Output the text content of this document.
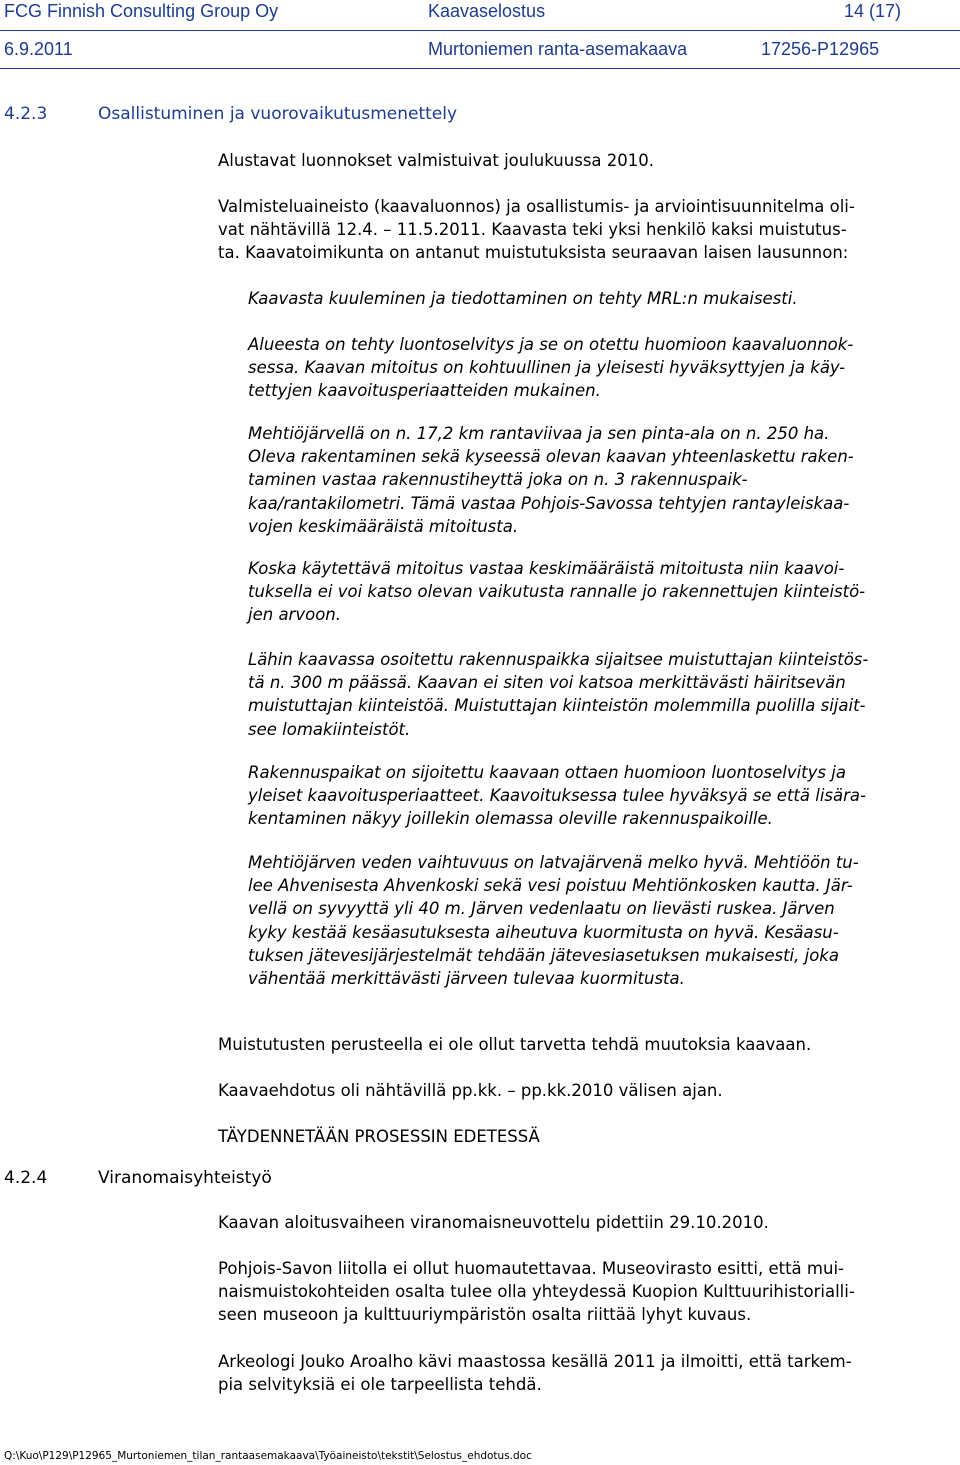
FCG Finnish Consulting Group Oy	Kaavaselostus	14 (17)
6.9.2011	Murtoniemen ranta-asemakaava	17256-P12965
4.2.3	Osallistuminen ja vuorovaikutusmenettely
Alustavat luonnokset valmistuivat joulukuussa 2010.
Valmisteluaineisto (kaavaluonnos) ja osallistumis- ja arviointisuunnitelma oli-
vat nähtävillä 12.4. – 11.5.2011. Kaavasta teki yksi henkilö kaksi muistutus-
ta. Kaavatoimikunta on antanut muistutuksista seuraavan laisen lausunnon:
Kaavasta kuuleminen ja tiedottaminen on tehty MRL:n mukaisesti.
Alueesta on tehty luontoselvitys ja se on otettu huomioon kaavaluonnok-
sessa. Kaavan mitoitus on kohtuullinen ja yleisesti hyväksyttyjen ja käy-
tettyjen kaavoitusperiaatteiden mukainen.
Mehtiöjärvellä on n. 17,2 km rantaviivaa ja sen pinta-ala on n. 250 ha.
Oleva rakentaminen sekä kyseessä olevan kaavan yhteenlaskettu raken-
taminen vastaa rakennustiheyttä joka on n. 3 rakennuspaik-
kaa/rantakilometri. Tämä vastaa Pohjois-Savossa tehtyjen rantayleiskaa-
vojen keskimääräistä mitoitusta.
Koska käytettävä mitoitus vastaa keskimääräistä mitoitusta niin kaavoi-
tuksella ei voi katso olevan vaikutusta rannalle jo rakennettujen kiinteistö-
jen arvoon.
Lähin kaavassa osoitettu rakennuspaikka sijaitsee muistuttajan kiinteistös-
tä n. 300 m päässä. Kaavan ei siten voi katsoa merkittävästi häiritsevän
muistuttajan kiinteistöä. Muistuttajan kiinteistön molemmilla puolilla sijait-
see lomakiinteistöt.
Rakennuspaikat on sijoitettu kaavaan ottaen huomioon luontoselvitys ja
yleiset kaavoitusperiaatteet. Kaavoituksessa tulee hyväksyä se että lisära-
kentaminen näkyy joillekin olemassa oleville rakennuspaikoille.
Mehtiöjärven veden vaihtuvuus on latvajärvenä melko hyvä. Mehtiöön tu-
lee Ahvenisesta Ahvenkoski sekä vesi poistuu Mehtiönkosken kautta. Jär-
vellä on syvyyttä yli 40 m. Järven vedenlaatu on lievästi ruskea. Järven
kyky kestää kesäasutuksesta aiheutuva kuormitusta on hyvä. Kesäasu-
tuksen jätevesijärjestelmät tehdään jätevesiasetuksen mukaisesti, joka
vähentää merkittävästi järveen tulevaa kuormitusta.
Muistutusten perusteella ei ole ollut tarvetta tehdä muutoksia kaavaan.
Kaavaehdotus oli nähtävillä pp.kk. – pp.kk.2010 välisen ajan.
TÄYDENNETÄÄN PROSESSIN EDETESSÄ
4.2.4	Viranomaisyhteistyö
Kaavan aloitusvaiheen viranomaisneuvottelu pidettiin 29.10.2010.
Pohjois-Savon liitolla ei ollut huomautettavaa. Museovirasto esitti, että mui-
naismuistokohteiden osalta tulee olla yhteydessä Kuopion Kulttuurihistorialli-
seen museoon ja kulttuuriympäristön osalta riittää lyhyt kuvaus.
Arkeologi Jouko Aroalho kävi maastossa kesällä 2011 ja ilmoitti, että tarkem-
pia selvityksiä ei ole tarpeellista tehdä.
Q:\Kuo\P129\P12965_Murtoniemen_tilan_rantaasemakaava\Työaineisto\tekstit\Selostus_ehdotus.doc
